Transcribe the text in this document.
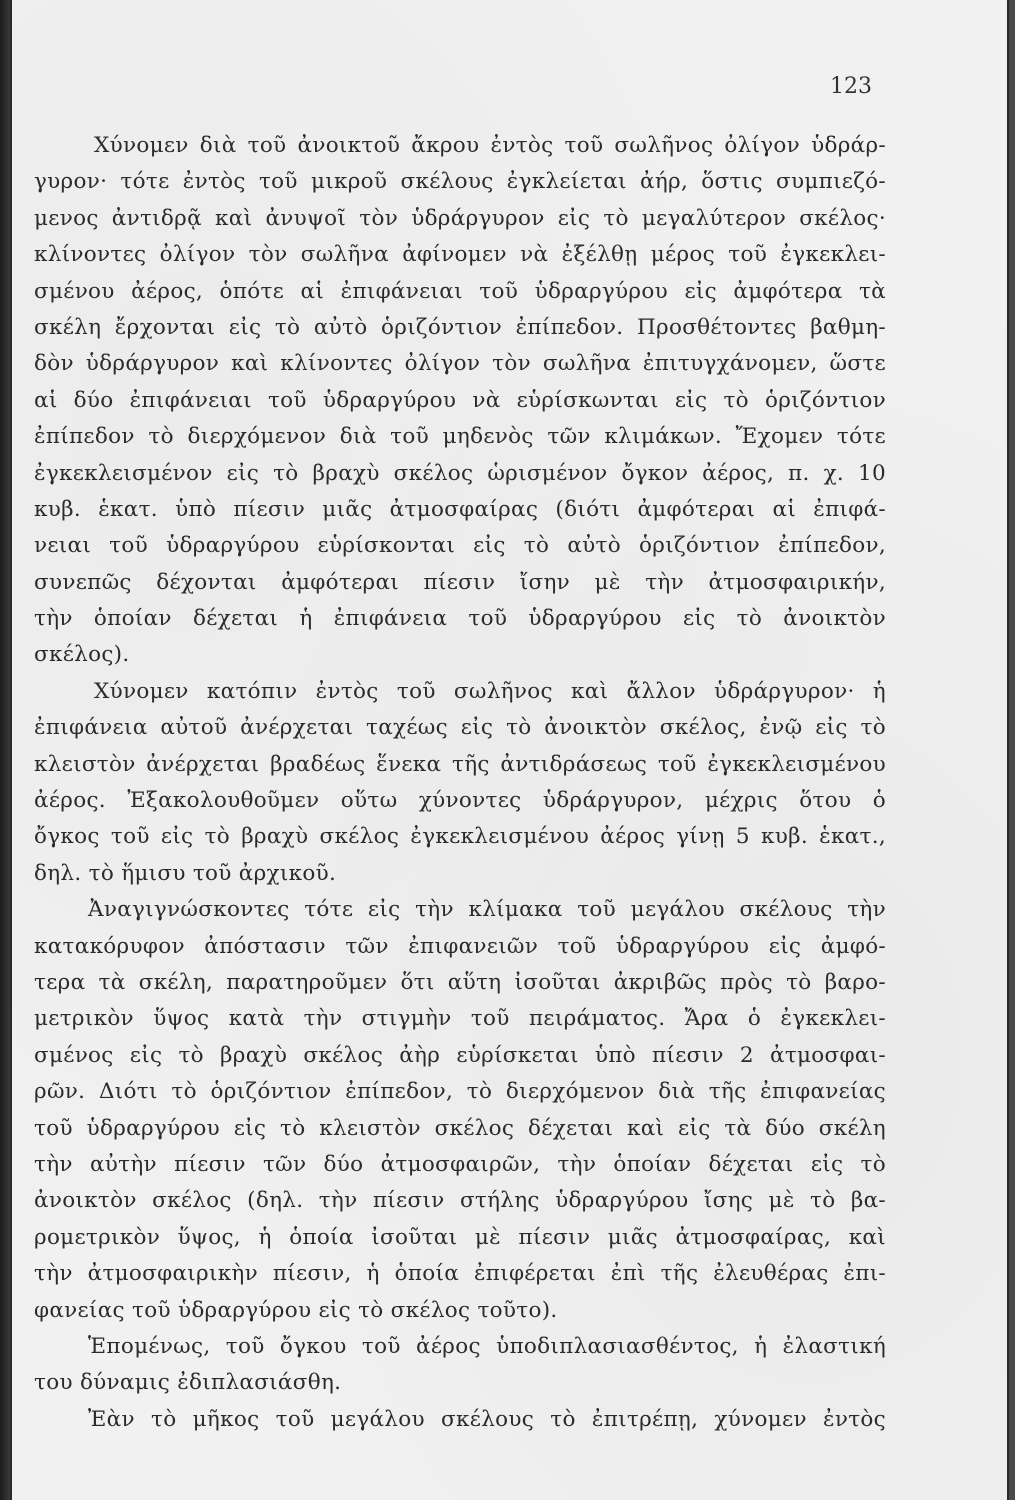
123
Χύνομεν διὰ τοῦ ἀνοικτοῦ ἄκρου ἐντὸς τοῦ σωλῆνος ὀλίγον ὑδράρ-
γυρον· τότε ἐντὸς τοῦ μικροῦ σκέλους ἐγκλείεται ἀήρ, ὅστις συμπιεζό-
μενος ἀντιδρᾷ καὶ ἀνυψοῖ τὸν ὑδράργυρον εἰς τὸ μεγαλύτερον σκέλος·
κλίνοντες ὀλίγον τὸν σωλῆνα ἀφίνομεν νὰ ἐξέλθῃ μέρος τοῦ ἐγκεκλει-
σμένου ἀέρος, ὁπότε αἱ ἐπιφάνειαι τοῦ ὑδραργύρου εἰς ἀμφότερα τὰ
σκέλη ἔρχονται εἰς τὸ αὐτὸ ὁριζόντιον ἐπίπεδον. Προσθέτοντες βαθμη-
δὸν ὑδράργυρον καὶ κλίνοντες ὀλίγον τὸν σωλῆνα ἐπιτυγχάνομεν, ὥστε
αἱ δύο ἐπιφάνειαι τοῦ ὑδραργύρου νὰ εὑρίσκωνται εἰς τὸ ὁριζόντιον
ἐπίπεδον τὸ διερχόμενον διὰ τοῦ μηδενὸς τῶν κλιμάκων. Ἔχομεν τότε
ἐγκεκλεισμένον εἰς τὸ βραχὺ σκέλος ὡρισμένον ὄγκον ἀέρος, π. χ. 10
κυβ. ἑκατ. ὑπὸ πίεσιν μιᾶς ἀτμοσφαίρας (διότι ἀμφότεραι αἱ ἐπιφά-
νειαι τοῦ ὑδραργύρου εὑρίσκονται εἰς τὸ αὐτὸ ὁριζόντιον ἐπίπεδον,
συνεπῶς δέχονται ἀμφότεραι πίεσιν ἴσην μὲ τὴν ἀτμοσφαιρικήν,
τὴν ὁποίαν δέχεται ἡ ἐπιφάνεια τοῦ ὑδραργύρου εἰς τὸ ἀνοικτὸν
σκέλος).
Χύνομεν κατόπιν ἐντὸς τοῦ σωλῆνος καὶ ἄλλον ὑδράργυρον· ἡ
ἐπιφάνεια αὐτοῦ ἀνέρχεται ταχέως εἰς τὸ ἀνοικτὸν σκέλος, ἐνῷ εἰς τὸ
κλειστὸν ἀνέρχεται βραδέως ἕνεκα τῆς ἀντιδράσεως τοῦ ἐγκεκλεισμένου
ἀέρος. Ἐξακολουθοῦμεν οὕτω χύνοντες ὑδράργυρον, μέχρις ὅτου ὁ
ὄγκος τοῦ εἰς τὸ βραχὺ σκέλος ἐγκεκλεισμένου ἀέρος γίνῃ 5 κυβ. ἑκατ.,
δηλ. τὸ ἥμισυ τοῦ ἀρχικοῦ.
Ἀναγιγνώσκοντες τότε εἰς τὴν κλίμακα τοῦ μεγάλου σκέλους τὴν
κατακόρυφον ἀπόστασιν τῶν ἐπιφανειῶν τοῦ ὑδραργύρου εἰς ἀμφό-
τερα τὰ σκέλη, παρατηροῦμεν ὅτι αὕτη ἰσοῦται ἀκριβῶς πρὸς τὸ βαρο-
μετρικὸν ὕψος κατὰ τὴν στιγμὴν τοῦ πειράματος. Ἄρα ὁ ἐγκεκλει-
σμένος εἰς τὸ βραχὺ σκέλος ἀὴρ εὑρίσκεται ὑπὸ πίεσιν 2 ἀτμοσφαι-
ρῶν. Διότι τὸ ὁριζόντιον ἐπίπεδον, τὸ διερχόμενον διὰ τῆς ἐπιφανείας
τοῦ ὑδραργύρου εἰς τὸ κλειστὸν σκέλος δέχεται καὶ εἰς τὰ δύο σκέλη
τὴν αὐτὴν πίεσιν τῶν δύο ἀτμοσφαιρῶν, τὴν ὁποίαν δέχεται εἰς τὸ
ἀνοικτὸν σκέλος (δηλ. τὴν πίεσιν στήλης ὑδραργύρου ἴσης μὲ τὸ βα-
ρομετρικὸν ὕψος, ἡ ὁποία ἰσοῦται μὲ πίεσιν μιᾶς ἀτμοσφαίρας, καὶ
τὴν ἀτμοσφαιρικὴν πίεσιν, ἡ ὁποία ἐπιφέρεται ἐπὶ τῆς ἐλευθέρας ἐπι-
φανείας τοῦ ὑδραργύρου εἰς τὸ σκέλος τοῦτο).
Ἑπομένως, τοῦ ὄγκου τοῦ ἀέρος ὑποδιπλασιασθέντος, ἡ ἐλαστική
του δύναμις ἐδιπλασιάσθη.
Ἐὰν τὸ μῆκος τοῦ μεγάλου σκέλους τὸ ἐπιτρέπῃ, χύνομεν ἐντὸς
